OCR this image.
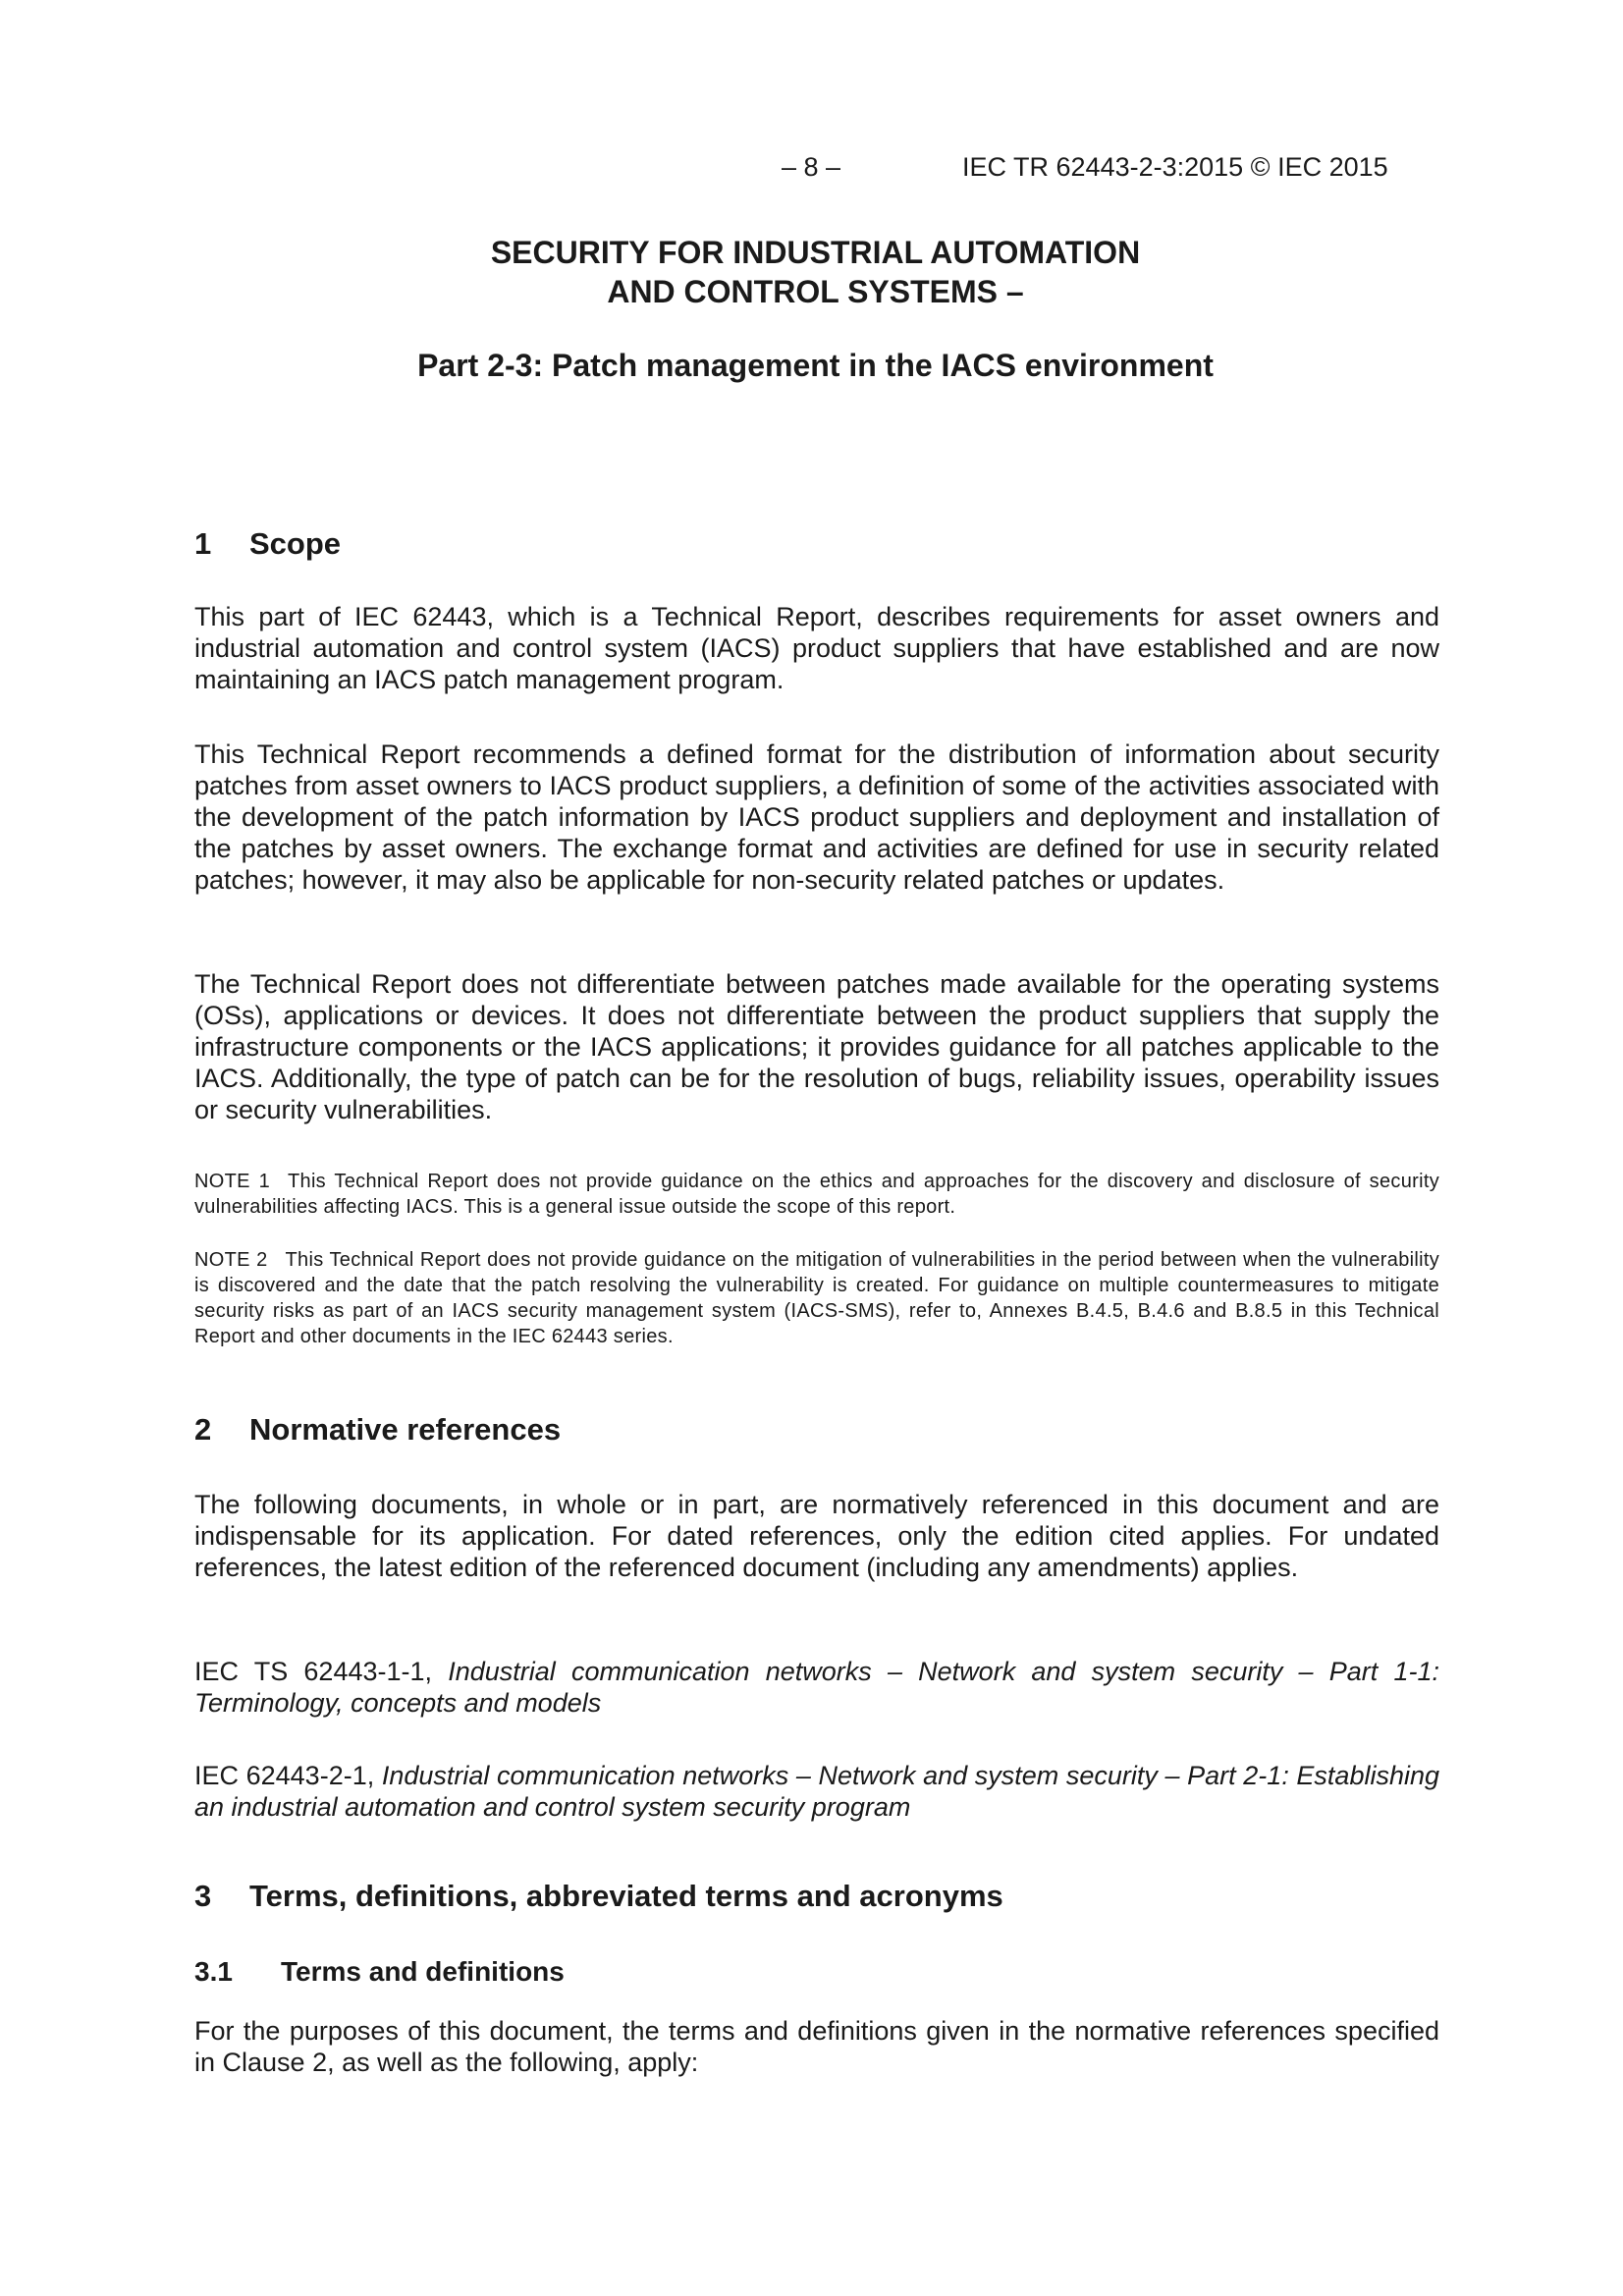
– 8 –	IEC TR 62443-2-3:2015 © IEC 2015
SECURITY FOR INDUSTRIAL AUTOMATION
AND CONTROL SYSTEMS –
Part 2-3: Patch management in the IACS environment
1 Scope

This part of IEC 62443, which is a Technical Report, describes requirements for asset owners and industrial automation and control system (IACS) product suppliers that have established and are now maintaining an IACS patch management program.

This Technical Report recommends a defined format for the distribution of information about security patches from asset owners to IACS product suppliers, a definition of some of the activities associated with the development of the patch information by IACS product suppliers and deployment and installation of the patches by asset owners. The exchange format and activities are defined for use in security related patches; however, it may also be applicable for non-security related patches or updates.

The Technical Report does not differentiate between patches made available for the operating systems (OSs), applications or devices. It does not differentiate between the product suppliers that supply the infrastructure components or the IACS applications; it provides guidance for all patches applicable to the IACS. Additionally, the type of patch can be for the resolution of bugs, reliability issues, operability issues or security vulnerabilities.

NOTE 1 This Technical Report does not provide guidance on the ethics and approaches for the discovery and disclosure of security vulnerabilities affecting IACS. This is a general issue outside the scope of this report.

NOTE 2 This Technical Report does not provide guidance on the mitigation of vulnerabilities in the period between when the vulnerability is discovered and the date that the patch resolving the vulnerability is created. For guidance on multiple countermeasures to mitigate security risks as part of an IACS security management system (IACS-SMS), refer to, Annexes B.4.5, B.4.6 and B.8.5 in this Technical Report and other documents in the IEC 62443 series.

2 Normative references

The following documents, in whole or in part, are normatively referenced in this document and are indispensable for its application. For dated references, only the edition cited applies. For undated references, the latest edition of the referenced document (including any amendments) applies.

IEC TS 62443-1-1, Industrial communication networks – Network and system security – Part 1-1: Terminology, concepts and models

IEC 62443-2-1, Industrial communication networks – Network and system security – Part 2-1: Establishing an industrial automation and control system security program

3 Terms, definitions, abbreviated terms and acronyms
3.1 Terms and definitions

For the purposes of this document, the terms and definitions given in the normative references specified in Clause 2, as well as the following, apply:
